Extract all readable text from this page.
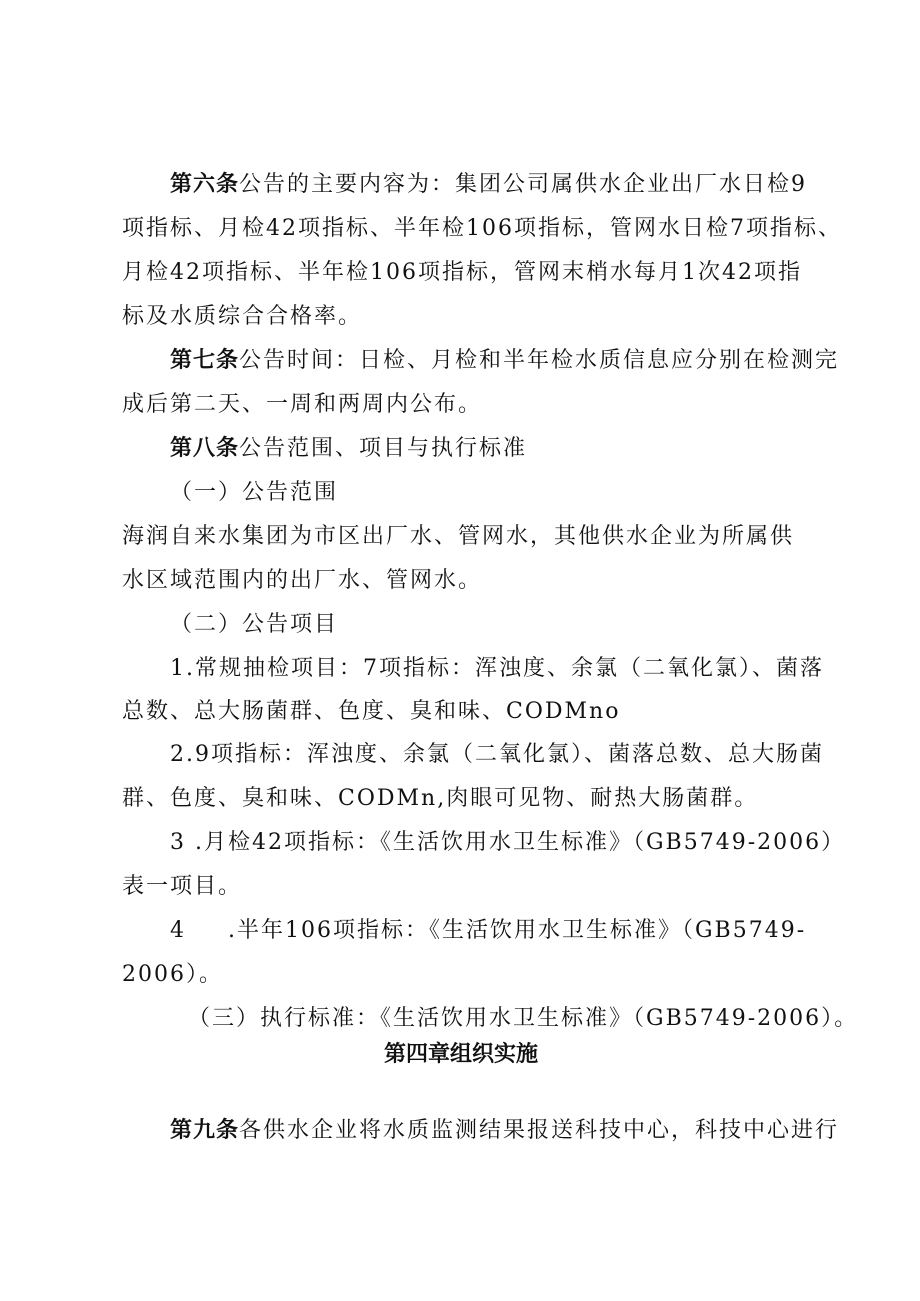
第六条公告的主要内容为：集团公司属供水企业出厂水日检9

项指标、月检42项指标、半年检106项指标，管网水日检7项指标、

月检42项指标、半年检106项指标，管网末梢水每月1次42项指

标及水质综合合格率。

第七条公告时间：日检、月检和半年检水质信息应分别在检测完

成后第二天、一周和两周内公布。

第八条公告范围、项目与执行标准

（一）公告范围

海润自来水集团为市区出厂水、管网水，其他供水企业为所属供

水区域范围内的出厂水、管网水。

（二）公告项目

1.常规抽检项目：7项指标：浑浊度、余氯（二氧化氯）、菌落

总数、总大肠菌群、色度、臭和味、CODMno

2.9项指标：浑浊度、余氯（二氧化氯）、菌落总数、总大肠菌

群、色度、臭和味、CODMn,肉眼可见物、耐热大肠菌群。

3 .月检42项指标：《生活饮用水卫生标准》（GB5749-2006）

表一项目。

4 .半年106项指标：《生活饮用水卫生标准》（GB5749-

2006）。

（三）执行标准：《生活饮用水卫生标准》（GB5749-2006）。

第四章组织实施

第九条各供水企业将水质监测结果报送科技中心，科技中心进行
